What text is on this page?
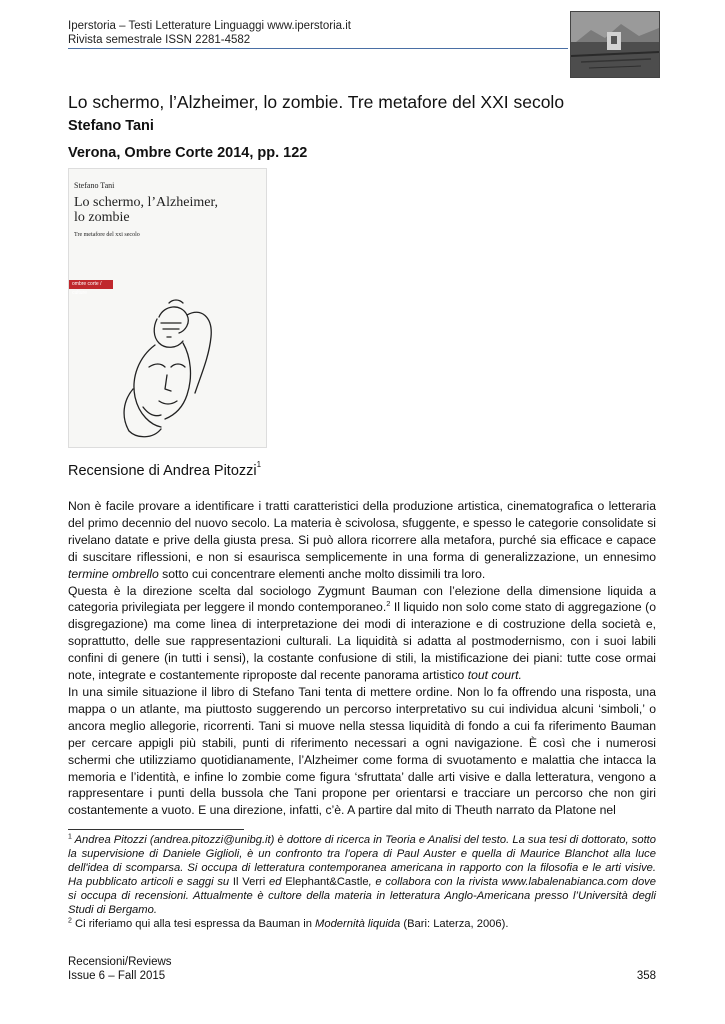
Iperstoria – Testi Letterature Linguaggi www.iperstoria.it
Rivista semestrale ISSN 2281-4582
Lo schermo, l’Alzheimer, lo zombie. Tre metafore del XXI secolo
Stefano Tani
Verona, Ombre Corte 2014, pp. 122
Stefano Tani
Lo schermo, l’Alzheimer,
lo zombie
Tre metafore del xxi secolo
ombre corte / culture
Recensione di Andrea Pitozzi$^1$

Non è facile provare a identificare i tratti caratteristici della produzione artistica, cinematografica o letteraria del primo decennio del nuovo secolo. La materia è scivolosa, sfuggente, e spesso le categorie consolidate si rivelano datate e prive della giusta presa. Si può allora ricorrere alla metafora, purché sia efficace e capace di suscitare riflessioni, e non si esaurisca semplicemente in una forma di generalizzazione, un ennesimo termine ombrello sotto cui concentrare elementi anche molto dissimili tra loro.

Questa è la direzione scelta dal sociologo Zygmunt Bauman con l’elezione della dimensione liquida a categoria privilegiata per leggere il mondo contemporaneo.$^2$ Il liquido non solo come stato di aggregazione (o disgregazione) ma come linea di interpretazione dei modi di interazione e di costruzione della società e, soprattutto, delle sue rappresentazioni culturali. La liquidità si adatta al postmodernismo, con i suoi labili confini di genere (in tutti i sensi), la costante confusione di stili, la mistificazione dei piani: tutte cose ormai note, integrate e costantemente riproposte dal recente panorama artistico tout court.

In una simile situazione il libro di Stefano Tani tenta di mettere ordine. Non lo fa offrendo una risposta, una mappa o un atlante, ma piuttosto suggerendo un percorso interpretativo su cui individua alcuni ‘simboli,’ o ancora meglio allegorie, ricorrenti. Tani si muove nella stessa liquidità di fondo a cui fa riferimento Bauman per cercare appigli più stabili, punti di riferimento necessari a ogni navigazione. È così che i numerosi schermi che utilizziamo quotidianamente, l’Alzheimer come forma di svuotamento e malattia che intacca la memoria e l’identità, e infine lo zombie come figura ‘sfruttata’ dalle arti visive e dalla letteratura, vengono a rappresentare i punti della bussola che Tani propone per orientarsi e tracciare un percorso che non giri costantemente a vuoto. E una direzione, infatti, c’è. A partire dal mito di Theuth narrato da Platone nel

$^1$ Andrea Pitozzi (andrea.pitozzi@unibg.it) è dottore di ricerca in Teoria e Analisi del testo. La sua tesi di dottorato, sotto la supervisione di Daniele Giglioli, è un confronto tra l'opera di Paul Auster e quella di Maurice Blanchot alla luce dell'idea di scomparsa. Si occupa di letteratura contemporanea americana in rapporto con la filosofia e le arti visive. Ha pubblicato articoli e saggi su Il Verri ed Elephant&Castle, e collabora con la rivista www.labalenabianca.com dove si occupa di recensioni. Attualmente è cultore della materia in letteratura Anglo-Americana presso l’Università degli Studi di Bergamo.

$^2$ Ci riferiamo qui alla tesi espressa da Bauman in Modernità liquida (Bari: Laterza, 2006).

Recensioni/Reviews
Issue 6 – Fall 2015	358
